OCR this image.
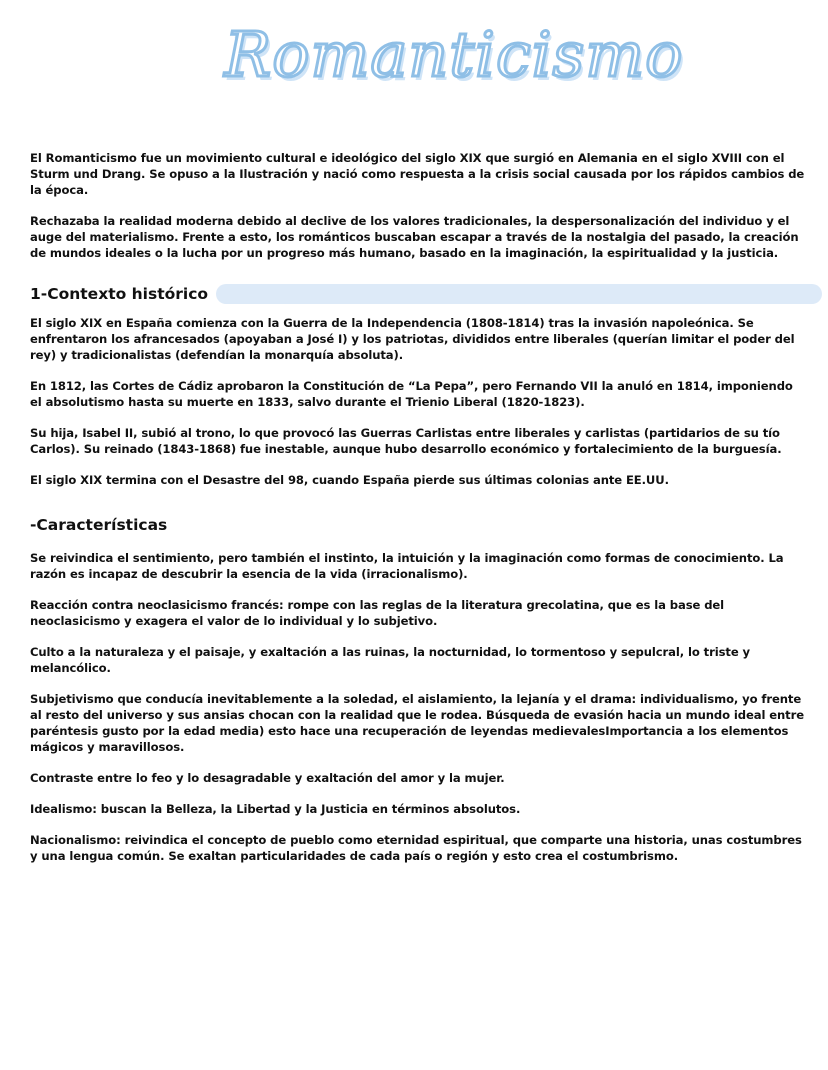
Romanticismo

El Romanticismo fue un movimiento cultural e ideológico del siglo XIX que surgió en Alemania en el siglo XVIII con el Sturm und Drang. Se opuso a la Ilustración y nació como respuesta a la crisis social causada por los rápidos cambios de la época.

Rechazaba la realidad moderna debido al declive de los valores tradicionales, la despersonalización del individuo y el auge del materialismo. Frente a esto, los románticos buscaban escapar a través de la nostalgia del pasado, la creación de mundos ideales o la lucha por un progreso más humano, basado en la imaginación, la espiritualidad y la justicia.

1-Contexto histórico

El siglo XIX en España comienza con la Guerra de la Independencia (1808-1814) tras la invasión napoleónica. Se enfrentaron los afrancesados (apoyaban a José I) y los patriotas, divididos entre liberales (querían limitar el poder del rey) y tradicionalistas (defendían la monarquía absoluta).

En 1812, las Cortes de Cádiz aprobaron la Constitución de “La Pepa”, pero Fernando VII la anuló en 1814, imponiendo el absolutismo hasta su muerte en 1833, salvo durante el Trienio Liberal (1820-1823).

Su hija, Isabel II, subió al trono, lo que provocó las Guerras Carlistas entre liberales y carlistas (partidarios de su tío Carlos). Su reinado (1843-1868) fue inestable, aunque hubo desarrollo económico y fortalecimiento de la burguesía.

El siglo XIX termina con el Desastre del 98, cuando España pierde sus últimas colonias ante EE.UU.

-Características

Se reivindica el sentimiento, pero también el instinto, la intuición y la imaginación como formas de conocimiento. La razón es incapaz de descubrir la esencia de la vida (irracionalismo).

Reacción contra neoclasicismo francés: rompe con las reglas de la literatura grecolatina, que es la base del neoclasicismo y exagera el valor de lo individual y lo subjetivo.

Culto a la naturaleza y el paisaje, y exaltación a las ruinas, la nocturnidad, lo tormentoso y sepulcral, lo triste y melancólico.

Subjetivismo que conducía inevitablemente a la soledad, el aislamiento, la lejanía y el drama: individualismo, yo frente al resto del universo y sus ansias chocan con la realidad que le rodea. Búsqueda de evasión hacia un mundo ideal entre paréntesis gusto por la edad media) esto hace una recuperación de leyendas medievalesImportancia a los elementos mágicos y maravillosos.

Contraste entre lo feo y lo desagradable y exaltación del amor y la mujer.

Idealismo: buscan la Belleza, la Libertad y la Justicia en términos absolutos.

Nacionalismo: reivindica el concepto de pueblo como eternidad espiritual, que comparte una historia, unas costumbres y una lengua común. Se exaltan particularidades de cada país o región y esto crea el costumbrismo.
